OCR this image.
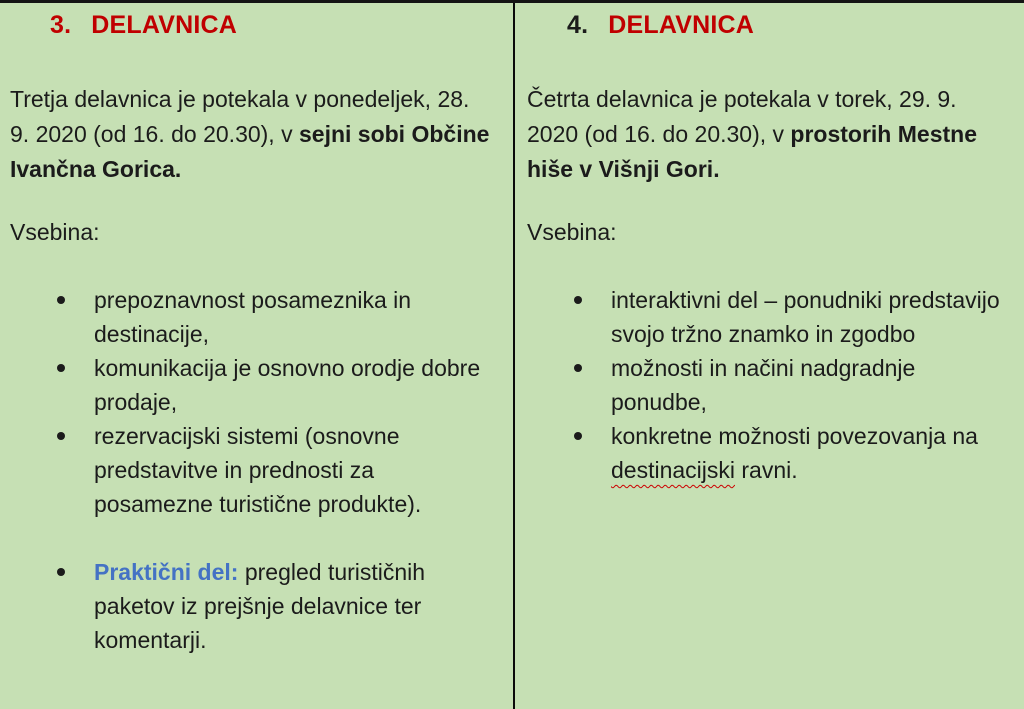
3. DELAVNICA

Tretja delavnica je potekala v ponedeljek, 28. 9. 2020 (od 16. do 20.30), v sejni sobi Občine Ivančna Gorica.

Vsebina:

prepoznavnost posameznika in destinacije,
komunikacija je osnovno orodje dobre prodaje,
rezervacijski sistemi (osnovne predstavitve in prednosti za posamezne turistične produkte).
Praktični del: pregled turističnih paketov iz prejšnje delavnice ter komentarji.
4. DELAVNICA

Četrta delavnica je potekala v torek, 29. 9. 2020 (od 16. do 20.30), v prostorih Mestne hiše v Višnji Gori.

Vsebina:

interaktivni del – ponudniki predstavijo svojo tržno znamko in zgodbo
možnosti in načini nadgradnje ponudbe,
konkretne možnosti povezovanja na destinacijski ravni.
